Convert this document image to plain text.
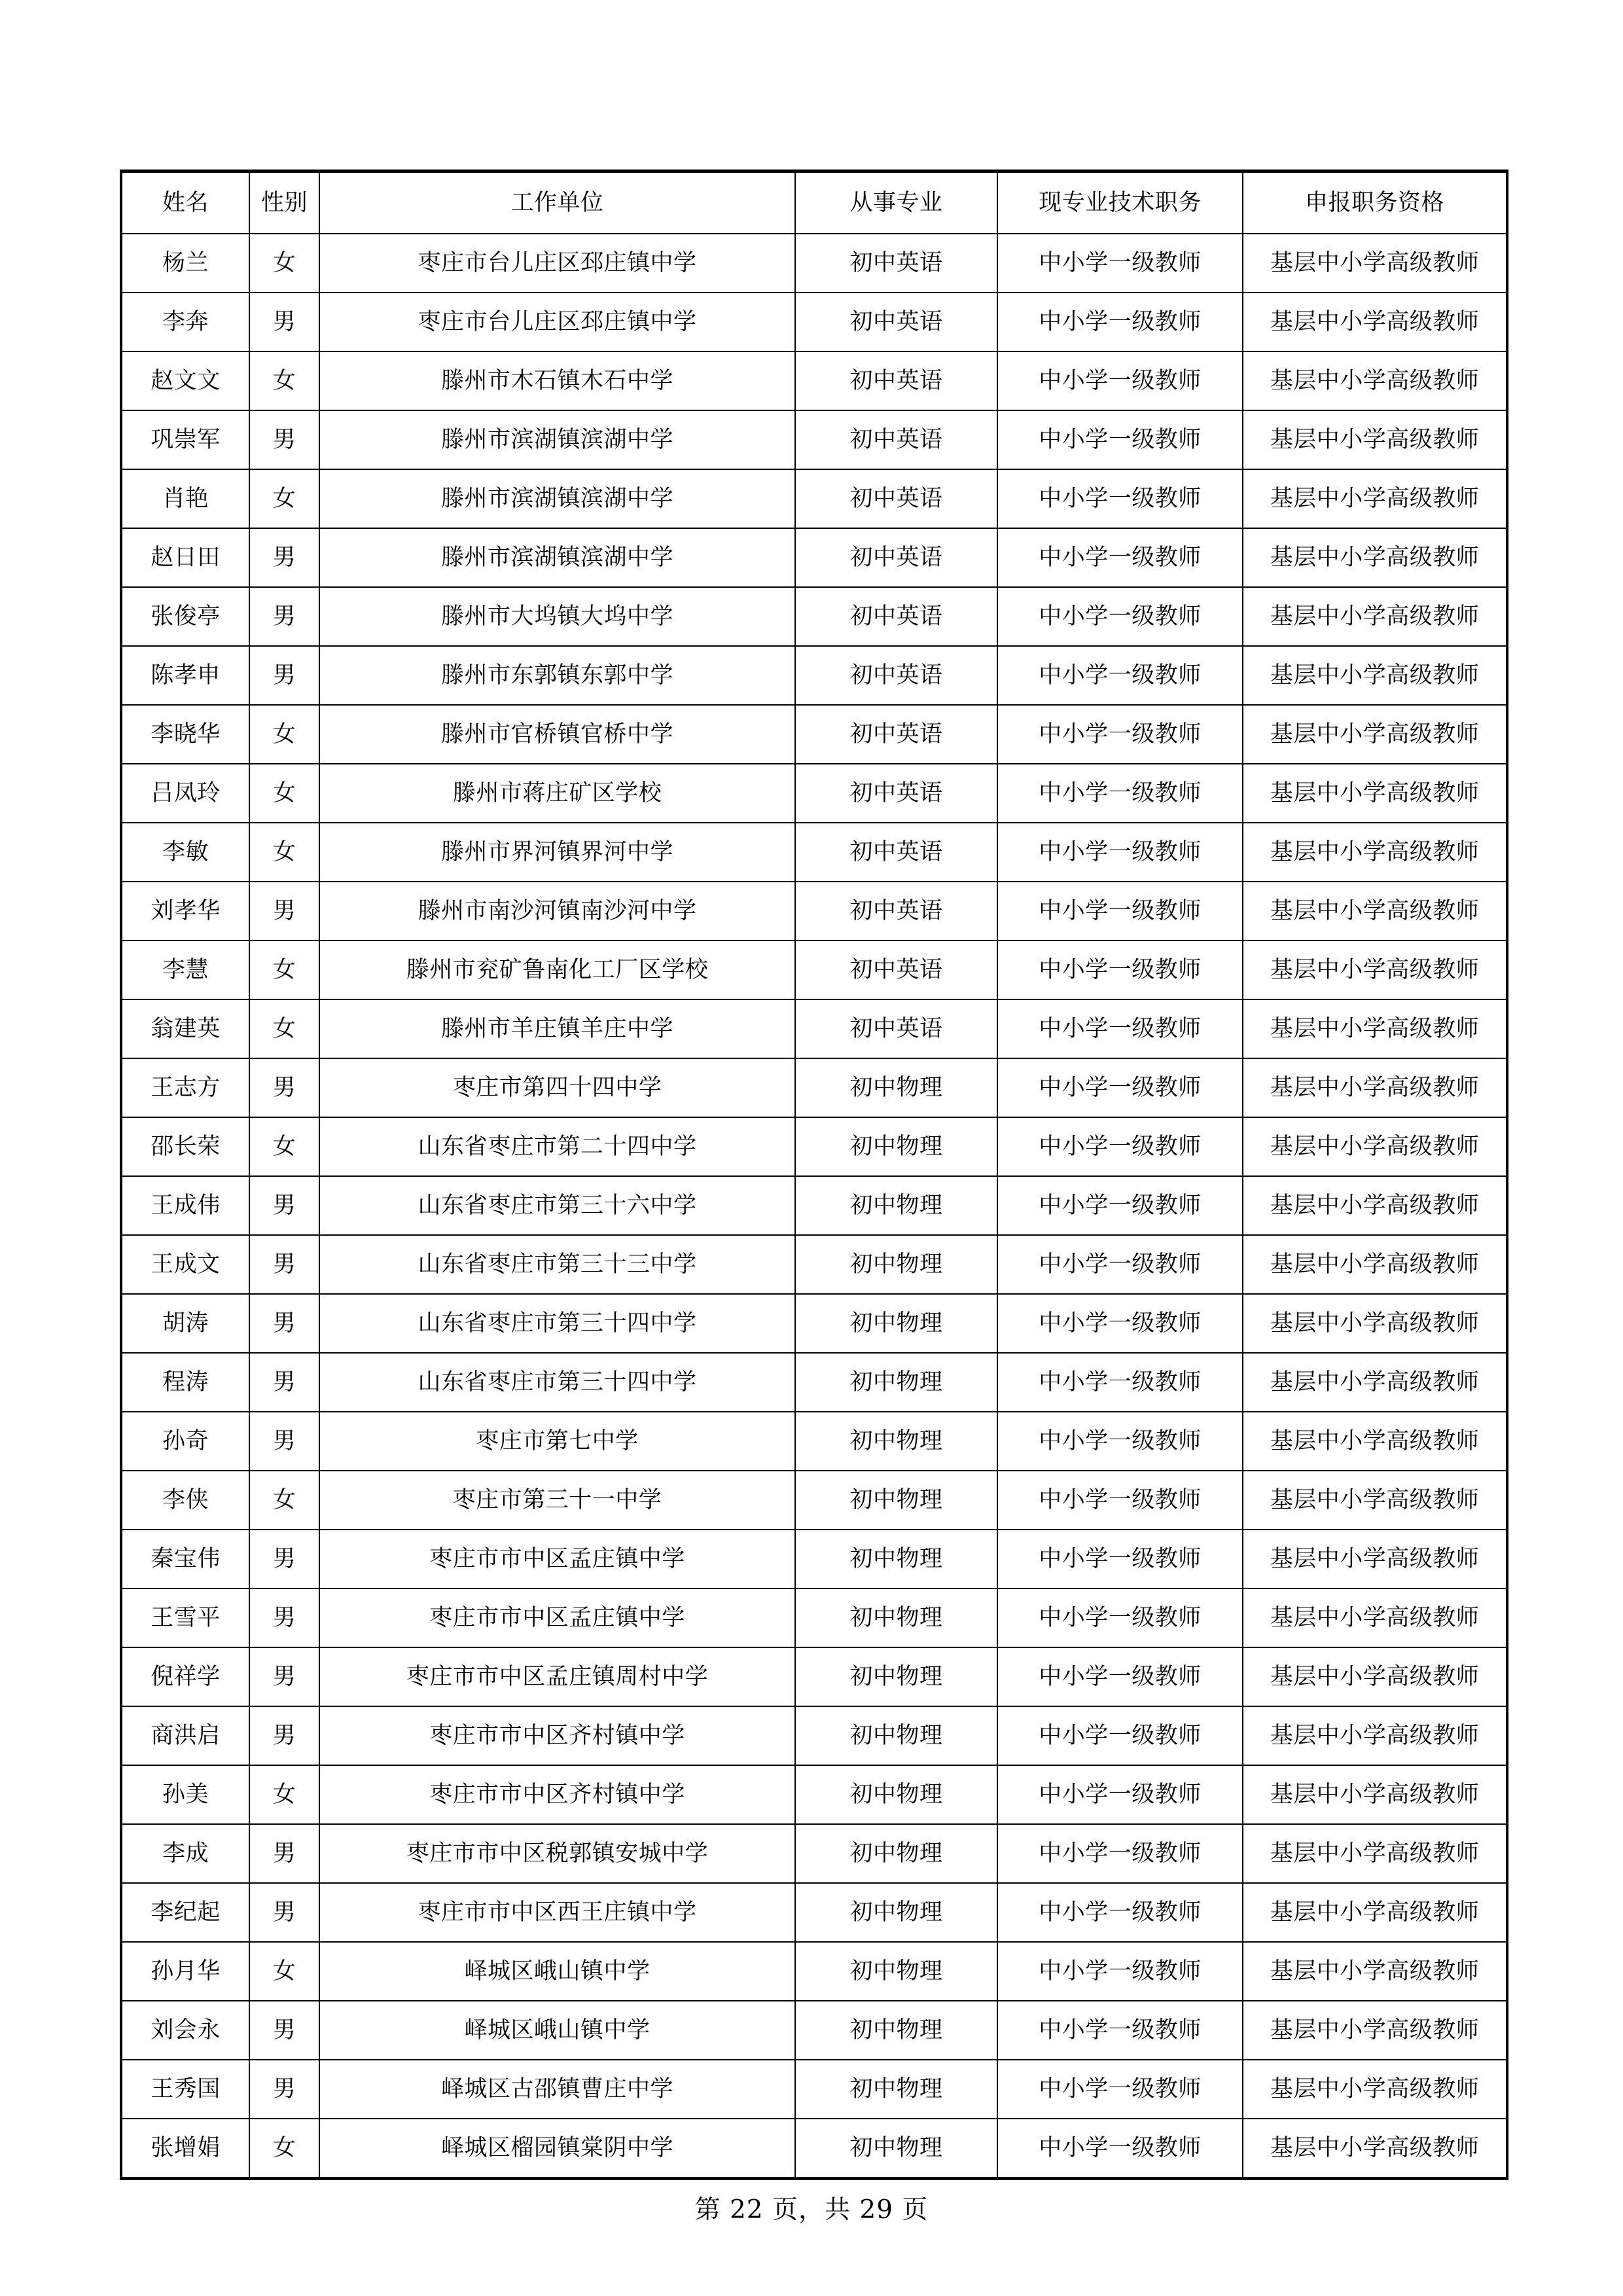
姓名	性别	工作单位	从事专业	现专业技术职务	申报职务资格
杨兰	女	枣庄市台儿庄区邳庄镇中学	初中英语	中小学一级教师	基层中小学高级教师
李奔	男	枣庄市台儿庄区邳庄镇中学	初中英语	中小学一级教师	基层中小学高级教师
赵文文	女	滕州市木石镇木石中学	初中英语	中小学一级教师	基层中小学高级教师
巩崇军	男	滕州市滨湖镇滨湖中学	初中英语	中小学一级教师	基层中小学高级教师
肖艳	女	滕州市滨湖镇滨湖中学	初中英语	中小学一级教师	基层中小学高级教师
赵日田	男	滕州市滨湖镇滨湖中学	初中英语	中小学一级教师	基层中小学高级教师
张俊亭	男	滕州市大坞镇大坞中学	初中英语	中小学一级教师	基层中小学高级教师
陈孝申	男	滕州市东郭镇东郭中学	初中英语	中小学一级教师	基层中小学高级教师
李晓华	女	滕州市官桥镇官桥中学	初中英语	中小学一级教师	基层中小学高级教师
吕凤玲	女	滕州市蒋庄矿区学校	初中英语	中小学一级教师	基层中小学高级教师
李敏	女	滕州市界河镇界河中学	初中英语	中小学一级教师	基层中小学高级教师
刘孝华	男	滕州市南沙河镇南沙河中学	初中英语	中小学一级教师	基层中小学高级教师
李慧	女	滕州市兖矿鲁南化工厂区学校	初中英语	中小学一级教师	基层中小学高级教师
翁建英	女	滕州市羊庄镇羊庄中学	初中英语	中小学一级教师	基层中小学高级教师
王志方	男	枣庄市第四十四中学	初中物理	中小学一级教师	基层中小学高级教师
邵长荣	女	山东省枣庄市第二十四中学	初中物理	中小学一级教师	基层中小学高级教师
王成伟	男	山东省枣庄市第三十六中学	初中物理	中小学一级教师	基层中小学高级教师
王成文	男	山东省枣庄市第三十三中学	初中物理	中小学一级教师	基层中小学高级教师
胡涛	男	山东省枣庄市第三十四中学	初中物理	中小学一级教师	基层中小学高级教师
程涛	男	山东省枣庄市第三十四中学	初中物理	中小学一级教师	基层中小学高级教师
孙奇	男	枣庄市第七中学	初中物理	中小学一级教师	基层中小学高级教师
李侠	女	枣庄市第三十一中学	初中物理	中小学一级教师	基层中小学高级教师
秦宝伟	男	枣庄市市中区孟庄镇中学	初中物理	中小学一级教师	基层中小学高级教师
王雪平	男	枣庄市市中区孟庄镇中学	初中物理	中小学一级教师	基层中小学高级教师
倪祥学	男	枣庄市市中区孟庄镇周村中学	初中物理	中小学一级教师	基层中小学高级教师
商洪启	男	枣庄市市中区齐村镇中学	初中物理	中小学一级教师	基层中小学高级教师
孙美	女	枣庄市市中区齐村镇中学	初中物理	中小学一级教师	基层中小学高级教师
李成	男	枣庄市市中区税郭镇安城中学	初中物理	中小学一级教师	基层中小学高级教师
李纪起	男	枣庄市市中区西王庄镇中学	初中物理	中小学一级教师	基层中小学高级教师
孙月华	女	峄城区峨山镇中学	初中物理	中小学一级教师	基层中小学高级教师
刘会永	男	峄城区峨山镇中学	初中物理	中小学一级教师	基层中小学高级教师
王秀国	男	峄城区古邵镇曹庄中学	初中物理	中小学一级教师	基层中小学高级教师
张增娟	女	峄城区榴园镇棠阴中学	初中物理	中小学一级教师	基层中小学高级教师
第 22 页，共 29 页
